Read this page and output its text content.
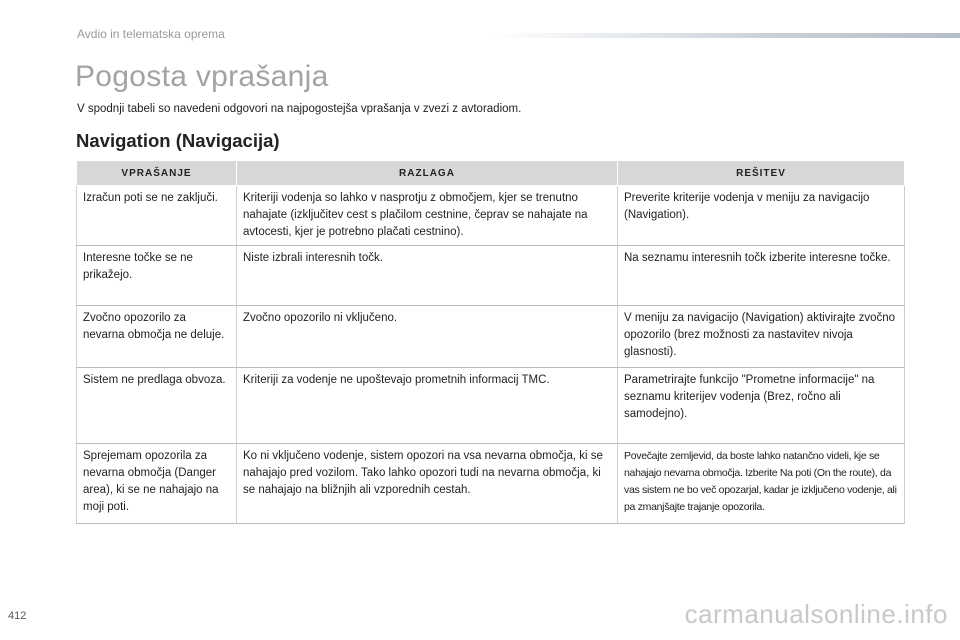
Avdio in telematska oprema
Pogosta vprašanja

V spodnji tabeli so navedeni odgovori na najpogostejša vprašanja v zvezi z avtoradiom.

Navigation (Navigacija)
VPRAŠANJE	RAZLAGA	REŠITEV
Izračun poti se ne zaključi.	Kriteriji vodenja so lahko v nasprotju z območjem, kjer se trenutno nahajate (izključitev cest s plačilom cestnine, čeprav se nahajate na avtocesti, kjer je potrebno plačati cestnino).	Preverite kriterije vodenja v meniju za navigacijo (Navigation).
Interesne točke se ne prikažejo.	Niste izbrali interesnih točk.	Na seznamu interesnih točk izberite interesne točke.
Zvočno opozorilo za nevarna območja ne deluje.	Zvočno opozorilo ni vključeno.	V meniju za navigacijo (Navigation) aktivirajte zvočno opozorilo (brez možnosti za nastavitev nivoja glasnosti).
Sistem ne predlaga obvoza.	Kriteriji za vodenje ne upoštevajo prometnih informacij TMC.	Parametrirajte funkcijo "Prometne informacije" na seznamu kriterijev vodenja (Brez, ročno ali samodejno).
Sprejemam opozorila za nevarna območja (Danger area), ki se ne nahajajo na moji poti.	Ko ni vključeno vodenje, sistem opozori na vsa nevarna območja, ki se nahajajo pred vozilom. Tako lahko opozori tudi na nevarna območja, ki se nahajajo na bližnjih ali vzporednih cestah.	Povečajte zemljevid, da boste lahko natančno videli, kje se nahajajo nevarna območja. Izberite Na poti (On the route), da vas sistem ne bo več opozarjal, kadar je izključeno vodenje, ali pa zmanjšajte trajanje opozorila.
412	carmanualsonline.info
